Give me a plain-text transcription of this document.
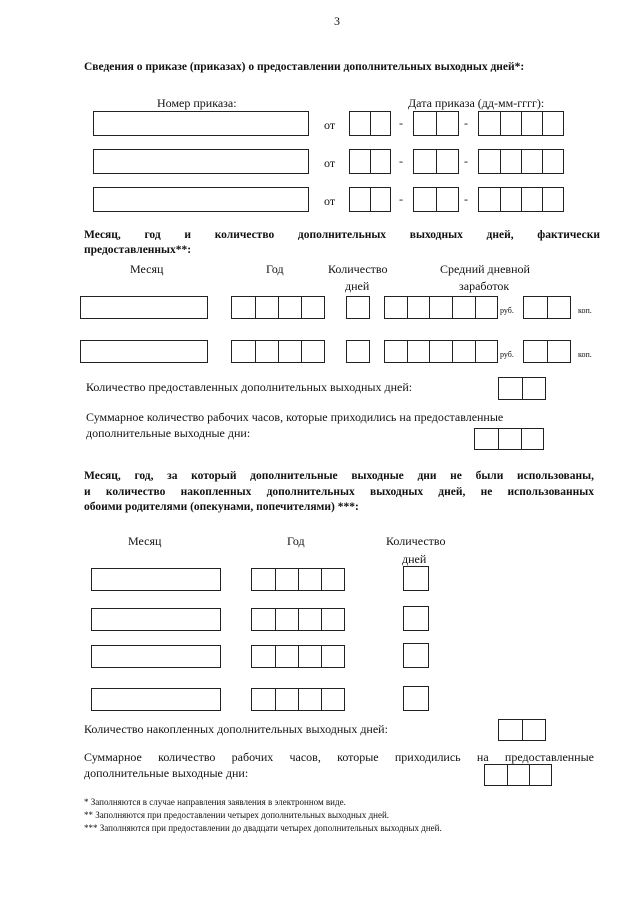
3
Сведения о приказе (приказах) о предоставлении дополнительных выходных дней*:
Номер приказа:	Дата приказа (дд-мм-гггг):
от	-	-
от	-	-
от	-	-
Месяц, год и количество дополнительных выходных дней, фактически
предоставленных**:
Месяц	Год	Количество
дней
Средний дневной
заработок
руб.	коп.
руб.	коп.
Количество предоставленных дополнительных выходных дней:
Суммарное количество рабочих часов, которые приходились на предоставленные
дополнительные выходные дни:
Месяц, год, за который дополнительные выходные дни не были использованы,
и количество накопленных дополнительных выходных дней, не использованных
обоими родителями (опекунами, попечителями) ***:
Месяц	Год	Количество
дней
Количество накопленных дополнительных выходных дней:
Суммарное количество рабочих часов, которые приходились на предоставленные
дополнительные выходные дни:
* Заполняются в случае направления заявления в электронном виде.
** Заполняются при предоставлении четырех дополнительных выходных дней.
*** Заполняются при предоставлении до двадцати четырех дополнительных выходных дней.
